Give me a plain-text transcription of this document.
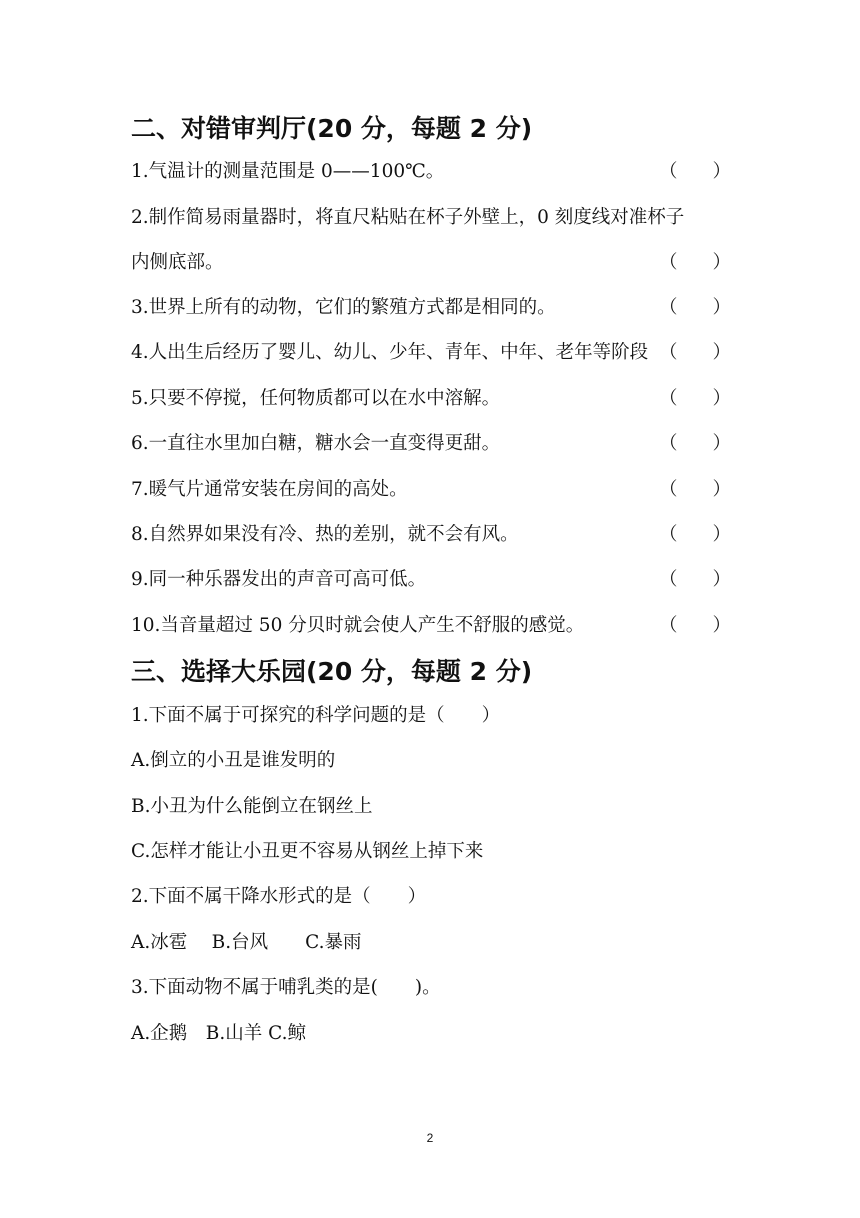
二、对错审判厅(20 分，每题 2 分)
1.气温计的测量范围是 0——100℃。	（ ）
2.制作简易雨量器时，将直尺粘贴在杯子外壁上，0 刻度线对准杯子
内侧底部。	（ ）
3.世界上所有的动物，它们的繁殖方式都是相同的。	（ ）
4.人出生后经历了婴儿、幼儿、少年、青年、中年、老年等阶段 （ ）
5.只要不停搅，任何物质都可以在水中溶解。	（ ）
6.一直往水里加白糖，糖水会一直变得更甜。	（ ）
7.暖气片通常安装在房间的高处。	（ ）
8.自然界如果没有冷、热的差别，就不会有风。	（ ）
9.同一种乐器发出的声音可高可低。	（ ）
10.当音量超过 50 分贝时就会使人产生不舒服的感觉。	（ ）
三、选择大乐园(20 分，每题 2 分)
1.下面不属于可探究的科学问题的是（　　）
A.倒立的小丑是谁发明的
B.小丑为什么能倒立在钢丝上
C.怎样才能让小丑更不容易从钢丝上掉下来
2.下面不属干降水形式的是（　　）
A.冰雹　 B.台风　　C.暴雨
3.下面动物不属于哺乳类的是(　　)。
A.企鹅　B.山羊 C.鲸
2
